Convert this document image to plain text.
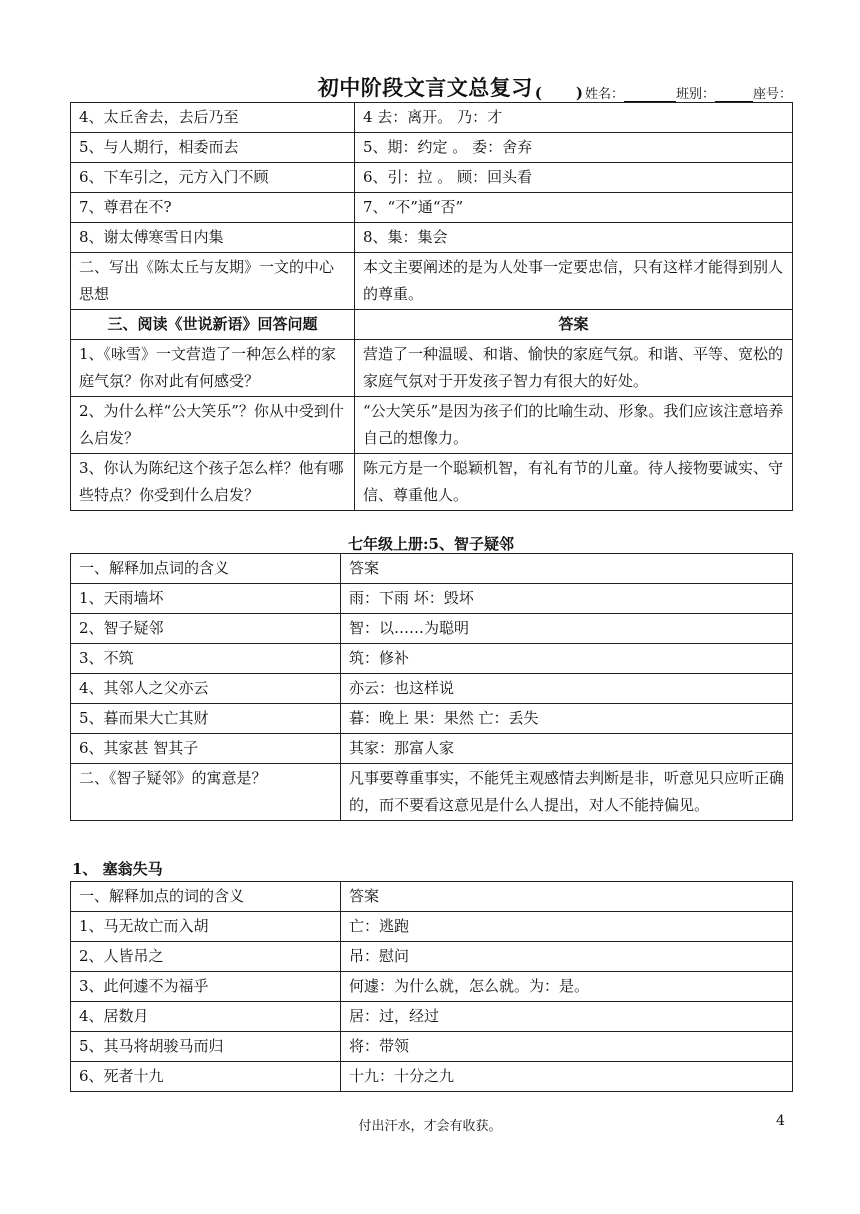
初中阶段文言文总复习 ( ) 姓名：	班别：	座号：
4、太丘舍去，去后乃至	4 去：离开。 乃：才
5、与人期行，相委而去	5、期：约定 。 委：舍弃
6、下车引之，元方入门不顾	6、引：拉 。 顾：回头看
7、尊君在不?	7、“不”通“否”
8、谢太傅寒雪日内集	8、集：集会
二、写出《陈太丘与友期》一文的中心思想	本文主要阐述的是为人处事一定要忠信，只有这样才能得到别人的尊重。
三、阅读《世说新语》回答问题	答案
1、《咏雪》一文营造了一种怎么样的家庭气氛？你对此有何感受？	营造了一种温暖、和谐、愉快的家庭气氛。和谐、平等、宽松的家庭气氛对于开发孩子智力有很大的好处。
2、为什么样“公大笑乐”？你从中受到什么启发？	“公大笑乐”是因为孩子们的比喻生动、形象。我们应该注意培养自己的想像力。
3、你认为陈纪这个孩子怎么样？他有哪些特点？你受到什么启发？	陈元方是一个聪颖机智，有礼有节的儿童。待人接物要诚实、守信、尊重他人。
七年级上册:5、智子疑邻
一、解释加点词的含义	答案
1、天雨墙坏	雨：下雨 坏：毁坏
2、智子疑邻	智：以……为聪明
3、不筑	筑：修补
4、其邻人之父亦云	亦云：也这样说
5、暮而果大亡其财	暮：晚上 果：果然 亡：丢失
6、其家甚 智其子	其家：那富人家
二、《智子疑邻》的寓意是？	凡事要尊重事实，不能凭主观感情去判断是非，听意见只应听正确的，而不要看这意见是什么人提出，对人不能持偏见。
1、 塞翁失马
一、解释加点的词的含义	答案
1、马无故亡而入胡	亡：逃跑
2、人皆吊之	吊：慰问
3、此何遽不为福乎	何遽：为什么就，怎么就。为：是。
4、居数月	居：过，经过
5、其马将胡骏马而归	将：带领
6、死者十九	十九：十分之九
付出汗水，才会有收获。	4
